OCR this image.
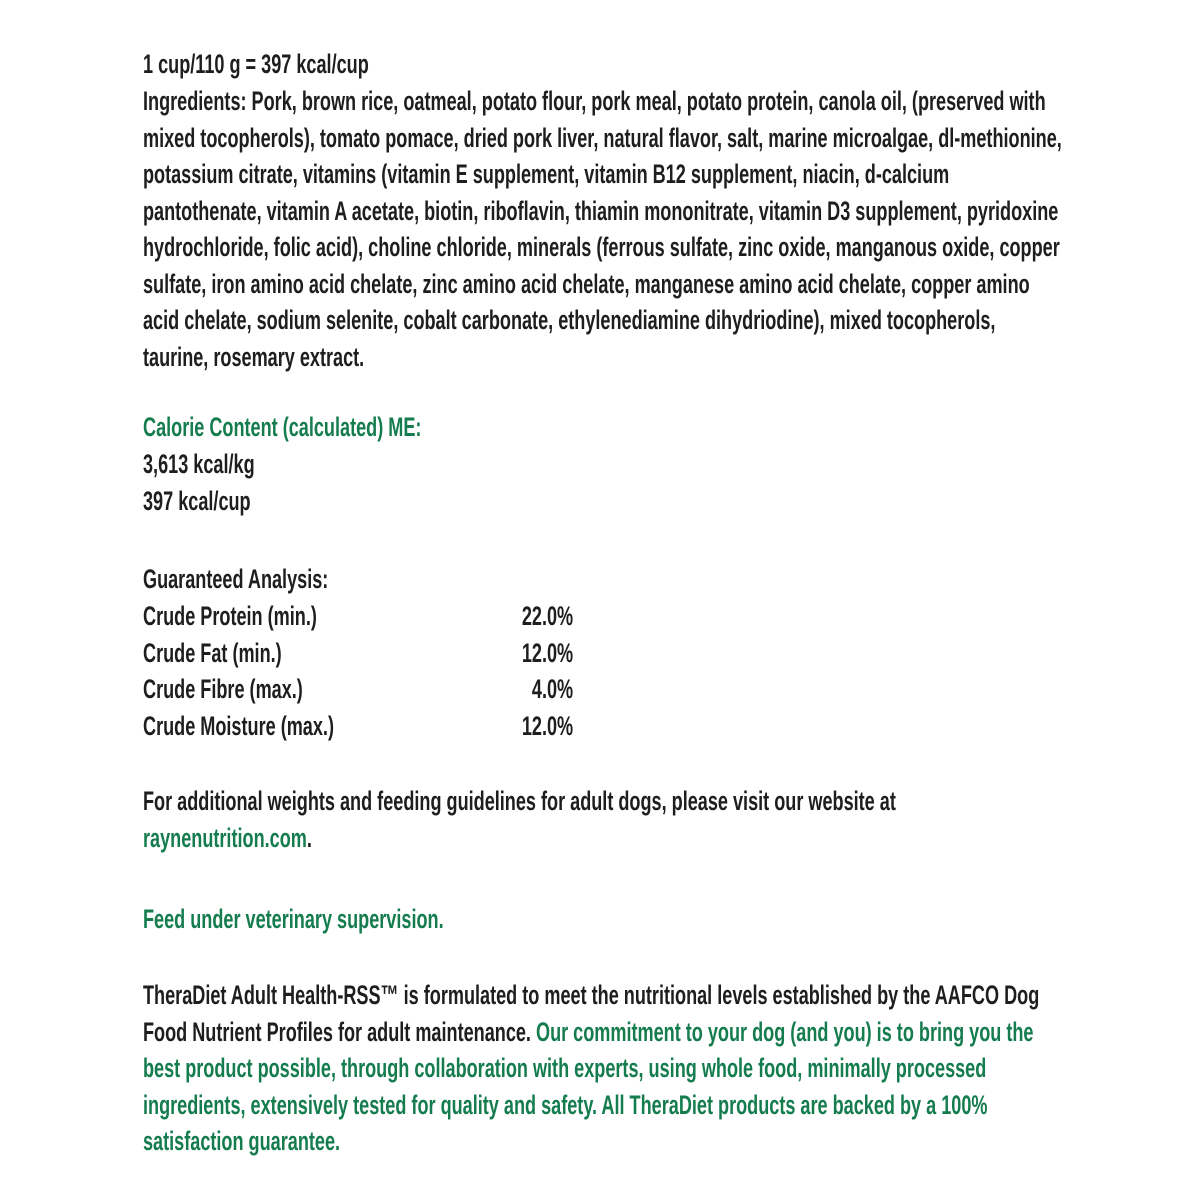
1 cup/110 g = 397 kcal/cup
Ingredients: Pork, brown rice, oatmeal, potato flour, pork meal, potato protein, canola oil, (preserved with mixed tocopherols), tomato pomace, dried pork liver, natural flavor, salt, marine microalgae, dl-methionine, potassium citrate, vitamins (vitamin E supplement, vitamin B12 supplement, niacin, d-calcium pantothenate, vitamin A acetate, biotin, riboflavin, thiamin mononitrate, vitamin D3 supplement, pyridoxine hydrochloride, folic acid), choline chloride, minerals (ferrous sulfate, zinc oxide, manganous oxide, copper sulfate, iron amino acid chelate, zinc amino acid chelate, manganese amino acid chelate, copper amino acid chelate, sodium selenite, cobalt carbonate, ethylenediamine dihydriodine), mixed tocopherols, taurine, rosemary extract.
Calorie Content (calculated) ME:
3,613 kcal/kg
397 kcal/cup
Guaranteed Analysis:
Crude Protein (min.)	22.0%
Crude Fat (min.)	12.0%
Crude Fibre (max.)	4.0%
Crude Moisture (max.)	12.0%
For additional weights and feeding guidelines for adult dogs, please visit our website at raynenutrition.com.
Feed under veterinary supervision.
TheraDiet Adult Health-RSS™ is formulated to meet the nutritional levels established by the AAFCO Dog Food Nutrient Profiles for adult maintenance. Our commitment to your dog (and you) is to bring you the best product possible, through collaboration with experts, using whole food, minimally processed ingredients, extensively tested for quality and safety. All TheraDiet products are backed by a 100% satisfaction guarantee.
